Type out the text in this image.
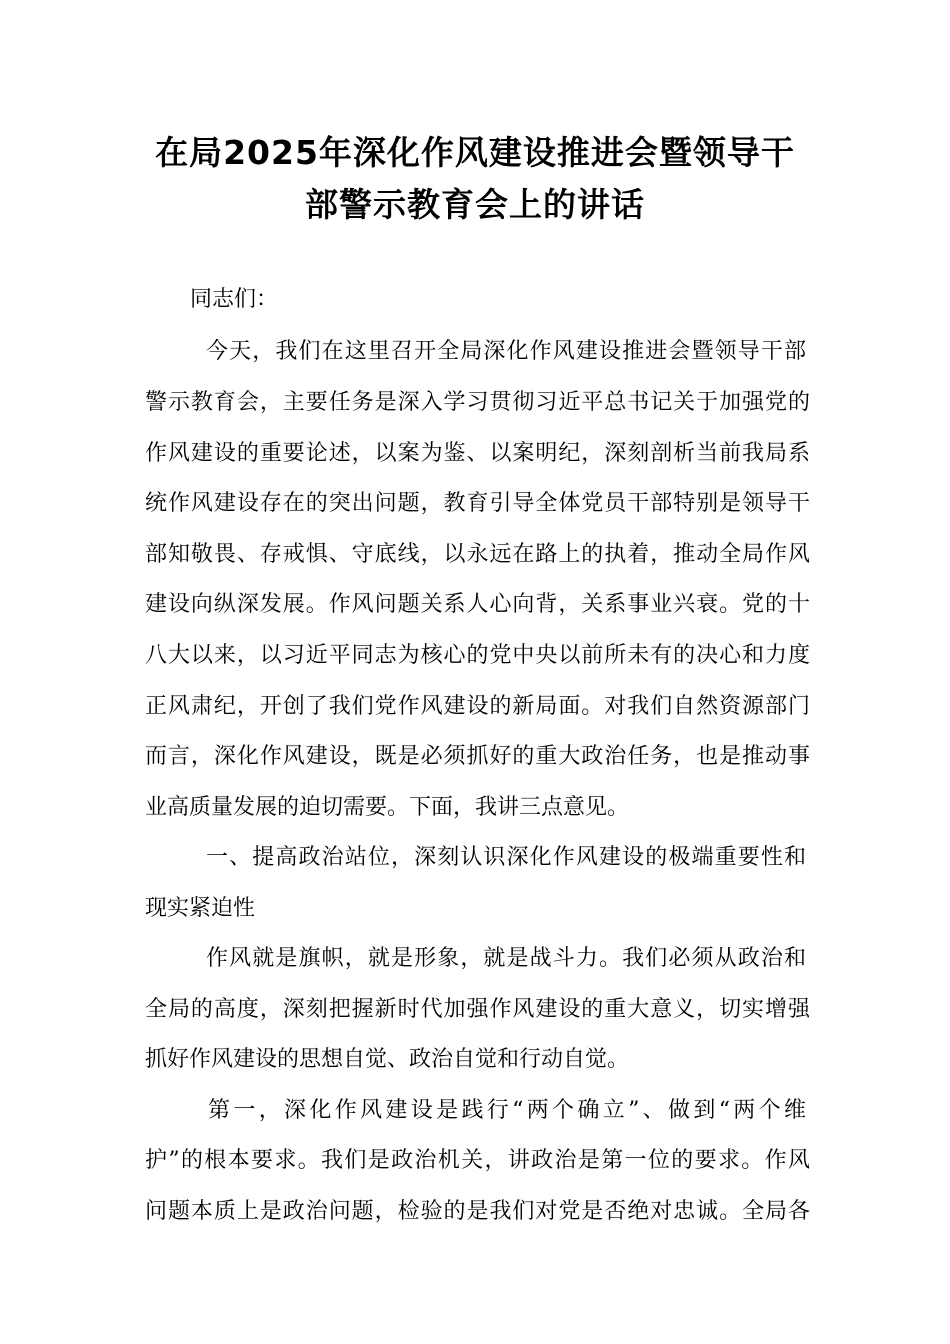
在局2025年深化作风建设推进会暨领导干
部警示教育会上的讲话

同志们：

今天，我们在这里召开全局深化作风建设推进会暨领导干部

警示教育会，主要任务是深入学习贯彻习近平总书记关于加强党的

作风建设的重要论述，以案为鉴、以案明纪，深刻剖析当前我局系

统作风建设存在的突出问题，教育引导全体党员干部特别是领导干

部知敬畏、存戒惧、守底线，以永远在路上的执着，推动全局作风

建设向纵深发展。作风问题关系人心向背，关系事业兴衰。党的十

八大以来，以习近平同志为核心的党中央以前所未有的决心和力度

正风肃纪，开创了我们党作风建设的新局面。对我们自然资源部门

而言，深化作风建设，既是必须抓好的重大政治任务，也是推动事

业高质量发展的迫切需要。下面，我讲三点意见。

一、提高政治站位，深刻认识深化作风建设的极端重要性和

现实紧迫性

作风就是旗帜，就是形象，就是战斗力。我们必须从政治和

全局的高度，深刻把握新时代加强作风建设的重大意义，切实增强

抓好作风建设的思想自觉、政治自觉和行动自觉。

第一，深化作风建设是践行“两个确立”、做到“两个维

护”的根本要求。我们是政治机关，讲政治是第一位的要求。作风

问题本质上是政治问题，检验的是我们对党是否绝对忠诚。全局各
